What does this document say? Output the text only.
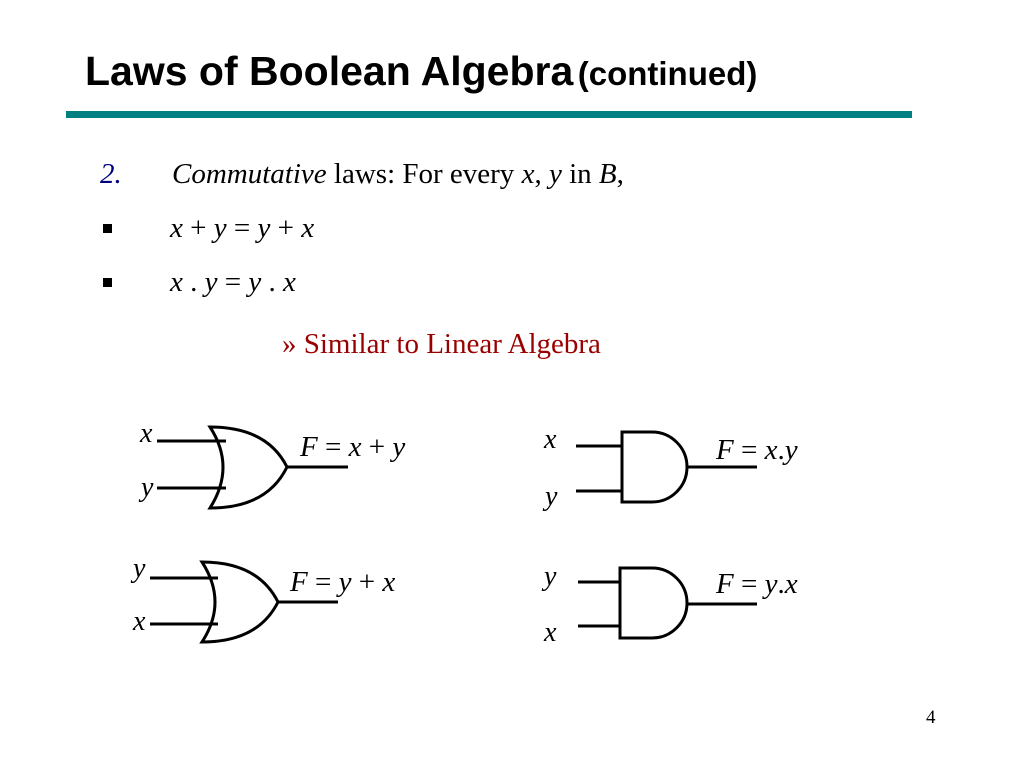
Laws of Boolean Algebra (continued)
2. Commutative laws: For every x, y in B,
x + y = y + x
x . y = y . x
» Similar to Linear Algebra
x
y
F = x + y
y
x
F = y + x
x
y
F = x.y
y
x
F = y.x
4
